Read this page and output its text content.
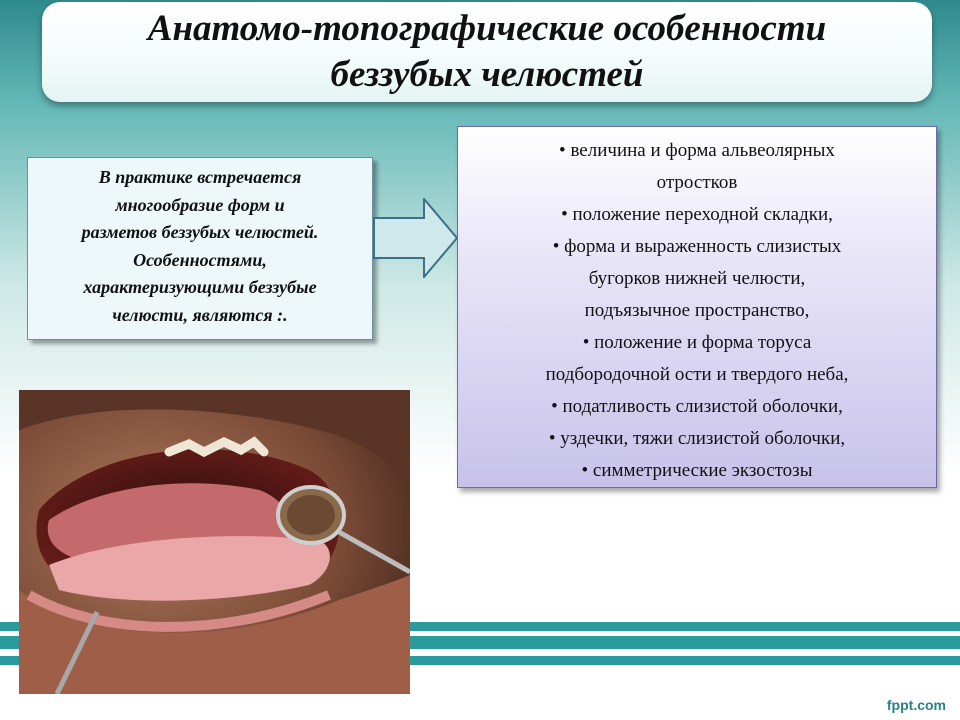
Анатомо-топографические особенности
беззубых челюстей
В практике встречается
многообразие форм и
разметов беззубых челюстей.
Особенностями,
характеризующими беззубые
челюсти, являются :.
• величина и форма альвеолярных
отростков
• положение переходной складки,
• форма и выраженность слизистых
бугорков нижней челюсти,
подъязычное пространство,
• положение и форма торуса
подбородочной ости и твердого неба,
• податливость слизистой оболочки,
• уздечки, тяжи слизистой оболочки,
• симметрические экзостозы
fppt.com
